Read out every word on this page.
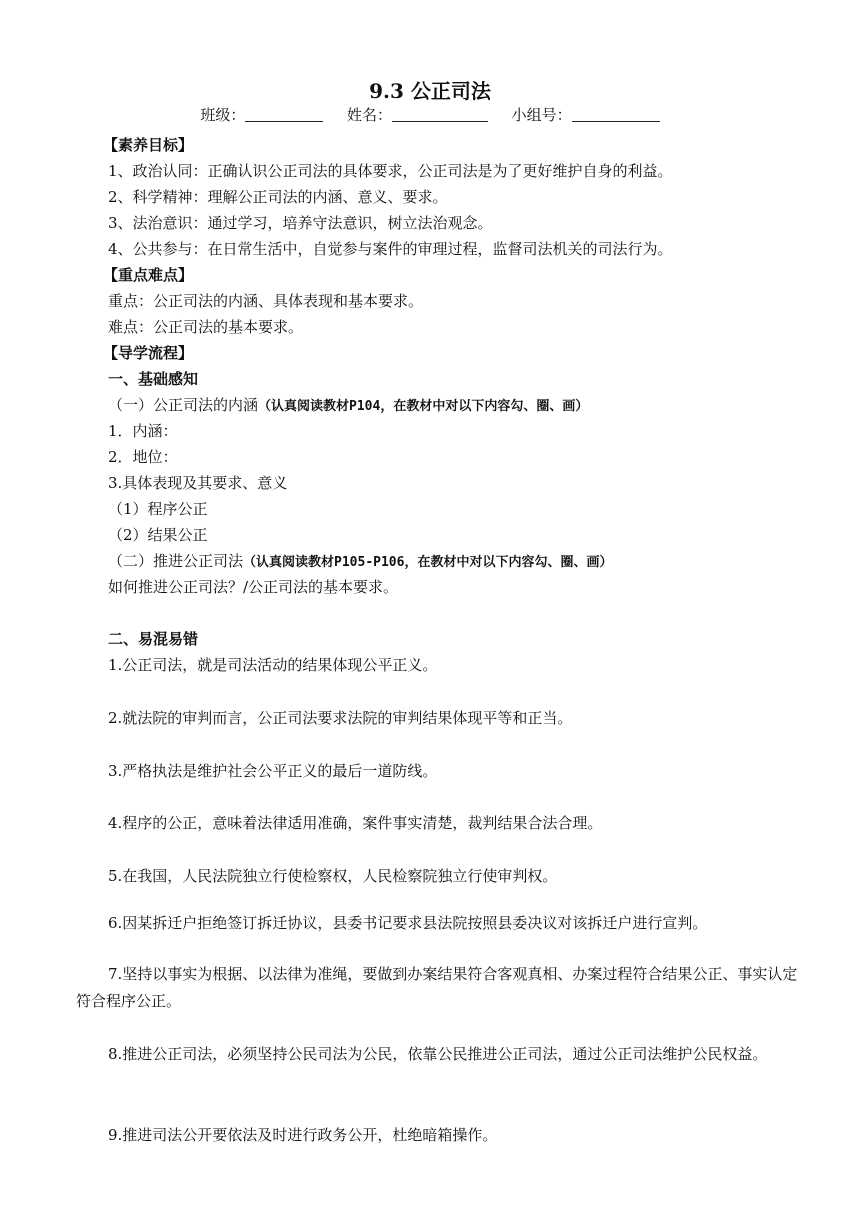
9.3 公正司法
班级：	姓名：	小组号：
【素养目标】
1、政治认同：正确认识公正司法的具体要求，公正司法是为了更好维护自身的利益。
2、科学精神：理解公正司法的内涵、意义、要求。
3、法治意识：通过学习，培养守法意识，树立法治观念。
4、公共参与：在日常生活中，自觉参与案件的审理过程，监督司法机关的司法行为。
【重点难点】
重点：公正司法的内涵、具体表现和基本要求。
难点：公正司法的基本要求。
【导学流程】
一、基础感知
（一）公正司法的内涵（认真阅读教材P104，在教材中对以下内容勾、圈、画）
1．内涵：
2．地位：
3.具体表现及其要求、意义
（1）程序公正
（2）结果公正
（二）推进公正司法（认真阅读教材P105-P106，在教材中对以下内容勾、圈、画）
如何推进公正司法？/公正司法的基本要求。
二、易混易错
1.公正司法，就是司法活动的结果体现公平正义。
2.就法院的审判而言，公正司法要求法院的审判结果体现平等和正当。
3.严格执法是维护社会公平正义的最后一道防线。
4.程序的公正，意味着法律适用准确，案件事实清楚，裁判结果合法合理。
5.在我国，人民法院独立行使检察权，人民检察院独立行使审判权。
6.因某拆迁户拒绝签订拆迁协议，县委书记要求县法院按照县委决议对该拆迁户进行宣判。
7.坚持以事实为根据、以法律为准绳，要做到办案结果符合客观真相、办案过程符合结果公正、事实认定符合程序公正。
8.推进公正司法，必须坚持公民司法为公民，依靠公民推进公正司法，通过公正司法维护公民权益。
9.推进司法公开要依法及时进行政务公开，杜绝暗箱操作。
